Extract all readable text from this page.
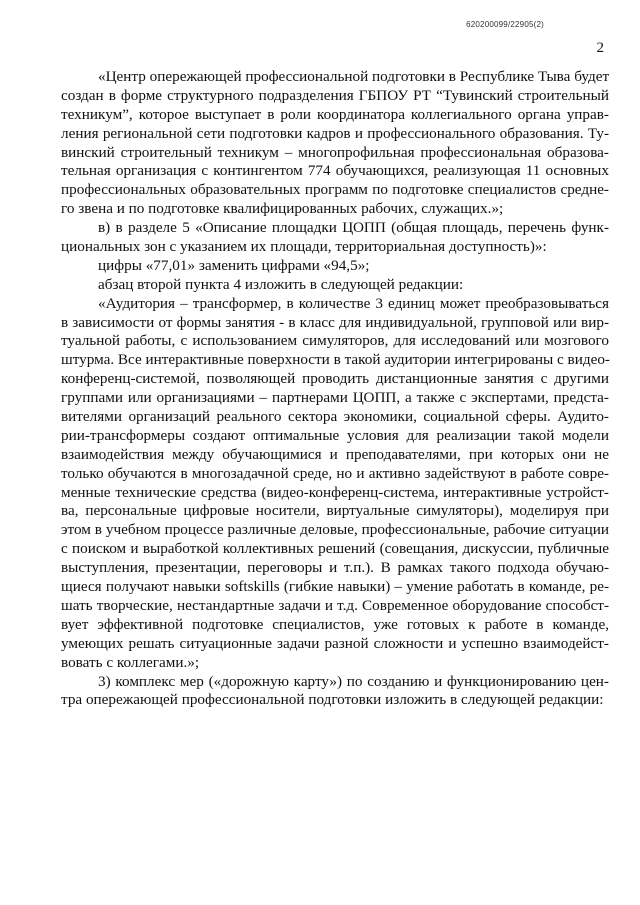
620200099/22905(2)
2
«Центр опережающей профессиональной подготовки в Республике Тыва будет
создан в форме структурного подразделения ГБПОУ РТ “Тувинский строительный
техникум”, которое выступает в роли координатора коллегиального органа управ-
ления региональной сети подготовки кадров и профессионального образования. Ту-
винский строительный техникум – многопрофильная профессиональная образова-
тельная организация с контингентом 774 обучающихся, реализующая 11 основных
профессиональных образовательных программ по подготовке специалистов средне-
го звена и по подготовке квалифицированных рабочих, служащих.»;
в) в разделе 5 «Описание площадки ЦОПП (общая площадь, перечень функ-
циональных зон с указанием их площади, территориальная доступность)»:
цифры «77,01» заменить цифрами «94,5»;
абзац второй пункта 4 изложить в следующей редакции:
«Аудитория – трансформер, в количестве 3 единиц может преобразовываться
в зависимости от формы занятия - в класс для индивидуальной, групповой или вир-
туальной работы, с использованием симуляторов, для исследований или мозгового
штурма. Все интерактивные поверхности в такой аудитории интегрированы с видео-
конференц-системой, позволяющей проводить дистанционные занятия с другими
группами или организациями – партнерами ЦОПП, а также с экспертами, предста-
вителями организаций реального сектора экономики, социальной сферы. Аудито-
рии-трансформеры создают оптимальные условия для реализации такой модели
взаимодействия между обучающимися и преподавателями, при которых они не
только обучаются в многозадачной среде, но и активно задействуют в работе совре-
менные технические средства (видео-конференц-система, интерактивные устройст-
ва, персональные цифровые носители, виртуальные симуляторы), моделируя при
этом в учебном процессе различные деловые, профессиональные, рабочие ситуации
с поиском и выработкой коллективных решений (совещания, дискуссии, публичные
выступления, презентации, переговоры и т.п.). В рамках такого подхода обучаю-
щиеся получают навыки softskills (гибкие навыки) – умение работать в команде, ре-
шать творческие, нестандартные задачи и т.д. Современное оборудование способст-
вует эффективной подготовке специалистов, уже готовых к работе в команде,
умеющих решать ситуационные задачи разной сложности и успешно взаимодейст-
вовать с коллегами.»;
3) комплекс мер («дорожную карту») по созданию и функционированию цен-
тра опережающей профессиональной подготовки изложить в следующей редакции:
